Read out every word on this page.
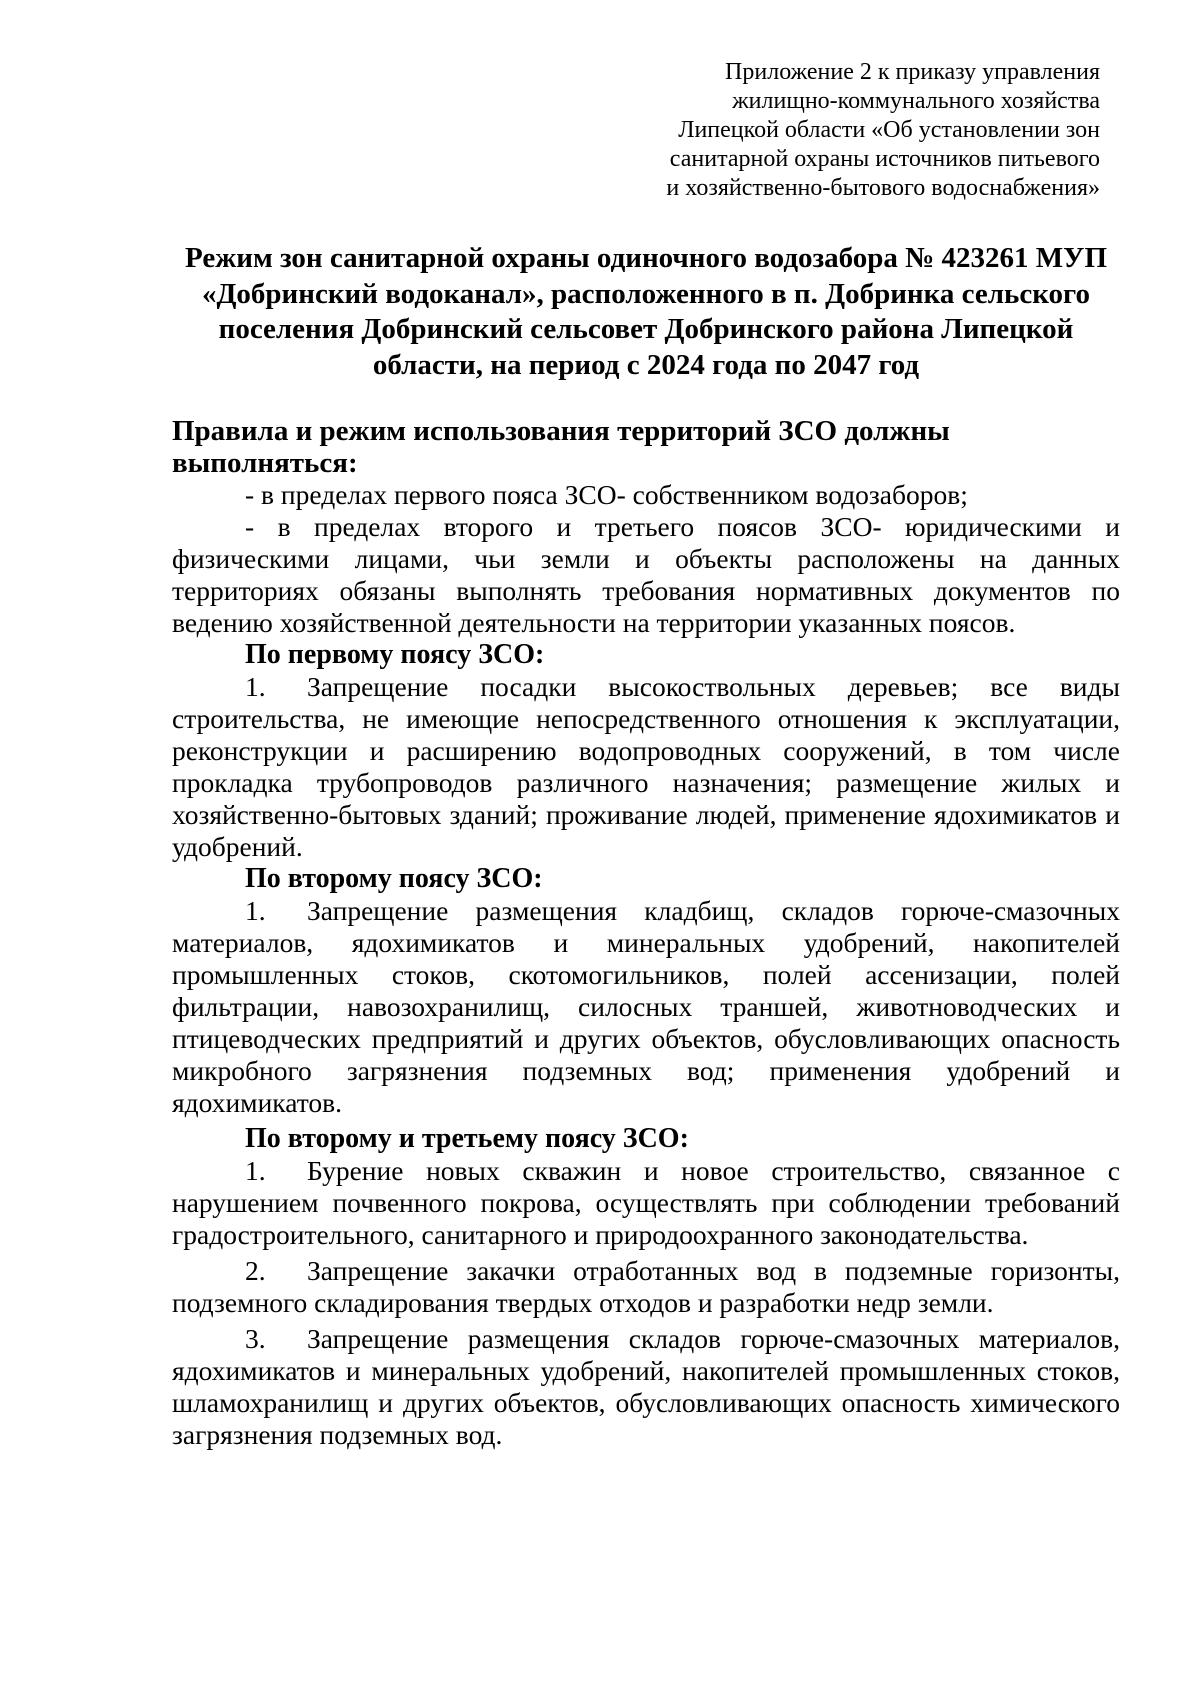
Приложение 2 к приказу управления
жилищно-коммунального хозяйства
Липецкой области «Об установлении зон
санитарной охраны источников питьевого
и хозяйственно-бытового водоснабжения»
Режим зон санитарной охраны одиночного водозабора № 423261 МУП
«Добринский водоканал», расположенного в п. Добринка сельского
поселения Добринский сельсовет Добринского района Липецкой
области, на период с 2024 года по 2047 год
Правила и режим использования территорий ЗСО должны выполняться:
- в пределах первого пояса ЗСО- собственником водозаборов;
- в пределах второго и третьего поясов ЗСО- юридическими и физическими лицами, чьи земли и объекты расположены на данных территориях обязаны выполнять требования нормативных документов по ведению хозяйственной деятельности на территории указанных поясов.
По первому поясу ЗСО:
1. Запрещение посадки высокоствольных деревьев; все виды строительства, не имеющие непосредственного отношения к эксплуатации, реконструкции и расширению водопроводных сооружений, в том числе прокладка трубопроводов различного назначения; размещение жилых и хозяйственно-бытовых зданий; проживание людей, применение ядохимикатов и удобрений.
По второму поясу ЗСО:
1. Запрещение размещения кладбищ, складов горюче-смазочных материалов, ядохимикатов и минеральных удобрений, накопителей промышленных стоков, скотомогильников, полей ассенизации, полей фильтрации, навозохранилищ, силосных траншей, животноводческих и птицеводческих предприятий и других объектов, обусловливающих опасность микробного загрязнения подземных вод; применения удобрений и ядохимикатов.
По второму и третьему поясу ЗСО:
1. Бурение новых скважин и новое строительство, связанное с нарушением почвенного покрова, осуществлять при соблюдении требований градостроительного, санитарного и природоохранного законодательства.
2. Запрещение закачки отработанных вод в подземные горизонты, подземного складирования твердых отходов и разработки недр земли.
3. Запрещение размещения складов горюче-смазочных материалов, ядохимикатов и минеральных удобрений, накопителей промышленных стоков, шламохранилищ и других объектов, обусловливающих опасность химического загрязнения подземных вод.
